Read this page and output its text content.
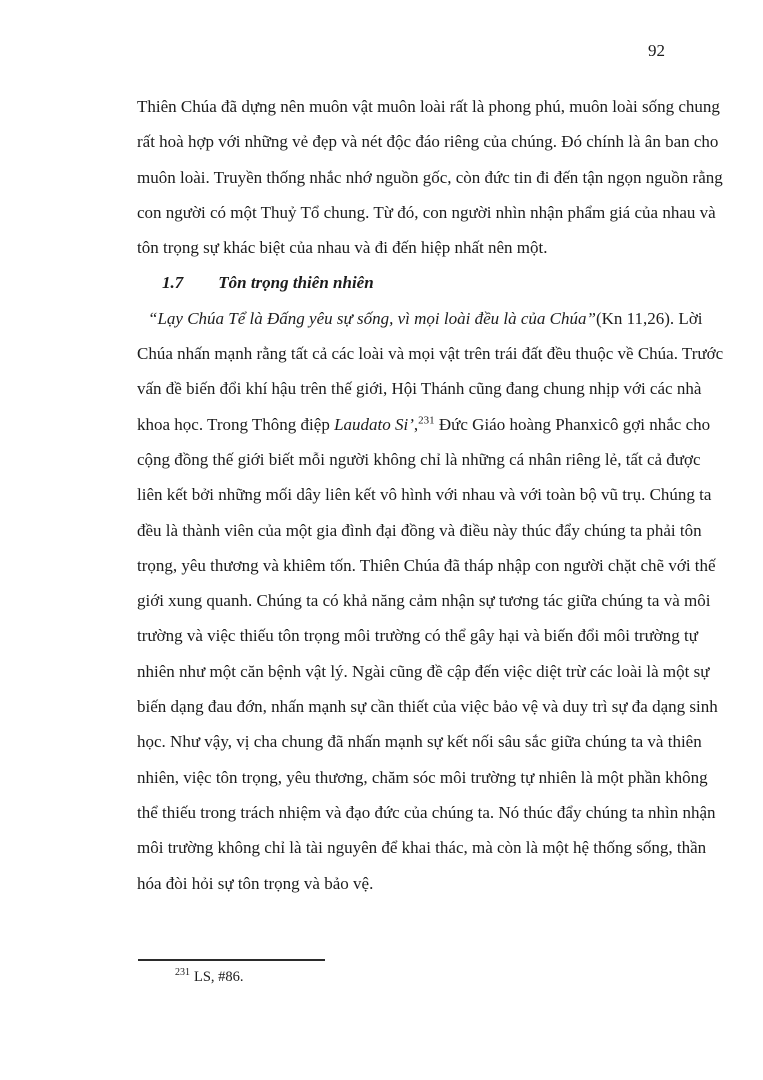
92
Thiên Chúa đã dựng nên muôn vật muôn loài rất là phong phú, muôn loài sống chung
rất hoà hợp với những vẻ đẹp và nét độc đáo riêng của chúng. Đó chính là ân ban cho
muôn loài. Truyền thống nhắc nhớ nguồn gốc, còn đức tin đi đến tận ngọn nguồn rằng
con người có một Thuỷ Tổ chung. Từ đó, con người nhìn nhận phẩm giá của nhau và
tôn trọng sự khác biệt của nhau và đi đến hiệp nhất nên một.
1.7 Tôn trọng thiên nhiên
“Lạy Chúa Tể là Đấng yêu sự sống, vì mọi loài đều là của Chúa”(Kn 11,26). Lời
Chúa nhấn mạnh rằng tất cả các loài và mọi vật trên trái đất đều thuộc về Chúa. Trước
vấn đề biến đổi khí hậu trên thế giới, Hội Thánh cũng đang chung nhịp với các nhà
khoa học. Trong Thông điệp Laudato Si’,$^{231}$ Đức Giáo hoàng Phanxicô gợi nhắc cho
cộng đồng thế giới biết mỗi người không chỉ là những cá nhân riêng lẻ, tất cả được
liên kết bởi những mối dây liên kết vô hình với nhau và với toàn bộ vũ trụ. Chúng ta
đều là thành viên của một gia đình đại đồng và điều này thúc đẩy chúng ta phải tôn
trọng, yêu thương và khiêm tốn. Thiên Chúa đã tháp nhập con người chặt chẽ với thế
giới xung quanh. Chúng ta có khả năng cảm nhận sự tương tác giữa chúng ta và môi
trường và việc thiếu tôn trọng môi trường có thể gây hại và biến đổi môi trường tự
nhiên như một căn bệnh vật lý. Ngài cũng đề cập đến việc diệt trừ các loài là một sự
biến dạng đau đớn, nhấn mạnh sự cần thiết của việc bảo vệ và duy trì sự đa dạng sinh
học. Như vậy, vị cha chung đã nhấn mạnh sự kết nối sâu sắc giữa chúng ta và thiên
nhiên, việc tôn trọng, yêu thương, chăm sóc môi trường tự nhiên là một phần không
thể thiếu trong trách nhiệm và đạo đức của chúng ta. Nó thúc đẩy chúng ta nhìn nhận
môi trường không chỉ là tài nguyên để khai thác, mà còn là một hệ thống sống, thần
hóa đòi hỏi sự tôn trọng và bảo vệ.
$^{231}$ LS, #86.
